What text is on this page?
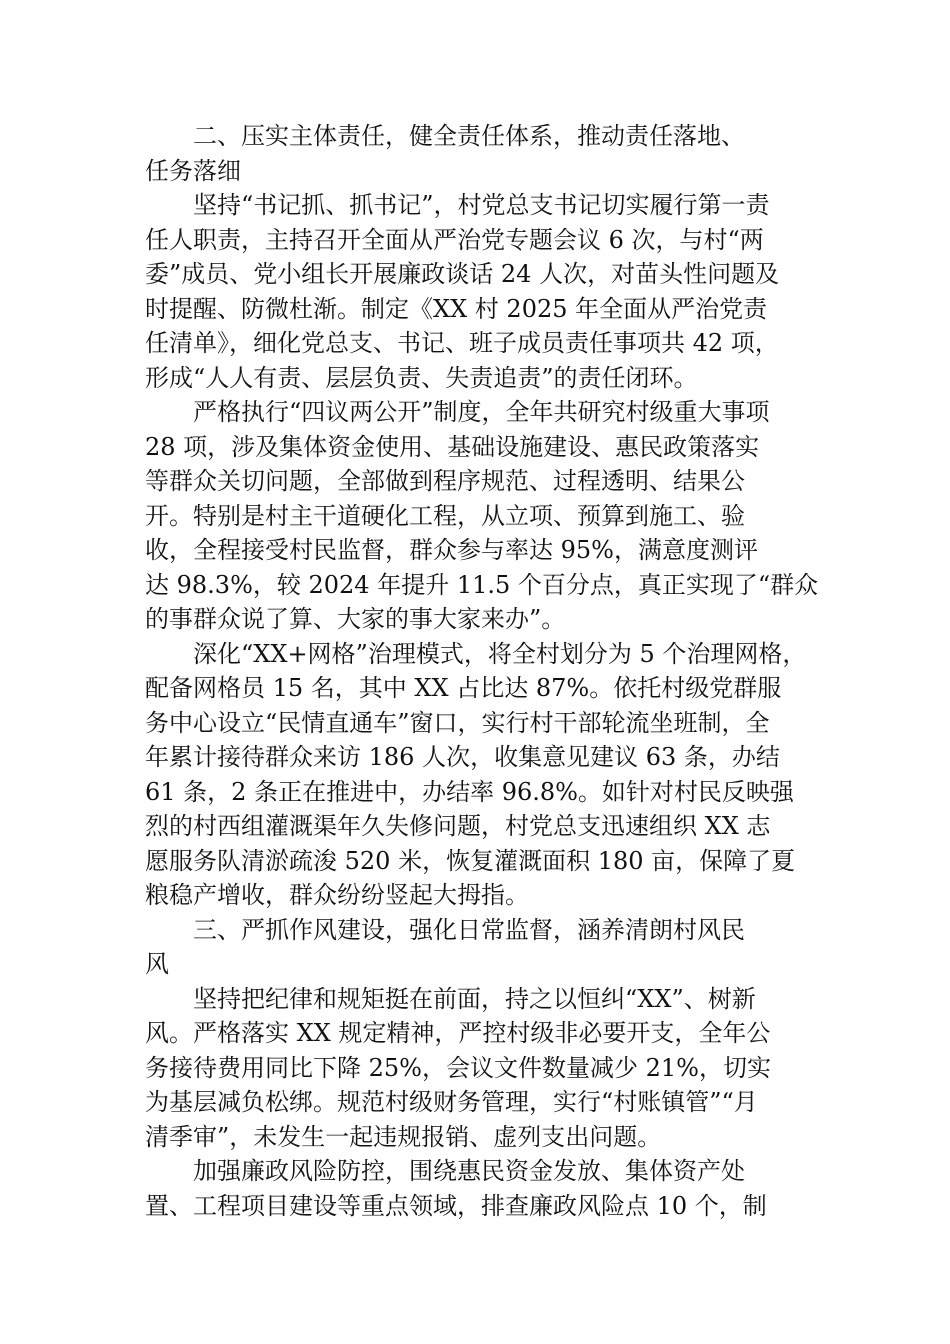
　　二、压实主体责任，健全责任体系，推动责任落地、
任务落细
　　坚持“书记抓、抓书记”，村党总支书记切实履行第一责
任人职责，主持召开全面从严治党专题会议 6 次，与村“两
委”成员、党小组长开展廉政谈话 24 人次，对苗头性问题及
时提醒、防微杜渐。制定《XX 村 2025 年全面从严治党责
任清单》，细化党总支、书记、班子成员责任事项共 42 项，
形成“人人有责、层层负责、失责追责”的责任闭环。
　　严格执行“四议两公开”制度，全年共研究村级重大事项
28 项，涉及集体资金使用、基础设施建设、惠民政策落实
等群众关切问题，全部做到程序规范、过程透明、结果公
开。特别是村主干道硬化工程，从立项、预算到施工、验
收，全程接受村民监督，群众参与率达 95%，满意度测评
达 98.3%，较 2024 年提升 11.5 个百分点，真正实现了“群众
的事群众说了算、大家的事大家来办”。
　　深化“XX+网格”治理模式，将全村划分为 5 个治理网格，
配备网格员 15 名，其中 XX 占比达 87%。依托村级党群服
务中心设立“民情直通车”窗口，实行村干部轮流坐班制，全
年累计接待群众来访 186 人次，收集意见建议 63 条，办结
61 条，2 条正在推进中，办结率 96.8%。如针对村民反映强
烈的村西组灌溉渠年久失修问题，村党总支迅速组织 XX 志
愿服务队清淤疏浚 520 米，恢复灌溉面积 180 亩，保障了夏
粮稳产增收，群众纷纷竖起大拇指。
　　三、严抓作风建设，强化日常监督，涵养清朗村风民
风
　　坚持把纪律和规矩挺在前面，持之以恒纠“XX”、树新
风。严格落实 XX 规定精神，严控村级非必要开支，全年公
务接待费用同比下降 25%，会议文件数量减少 21%，切实
为基层减负松绑。规范村级财务管理，实行“村账镇管”“月
清季审”，未发生一起违规报销、虚列支出问题。
　　加强廉政风险防控，围绕惠民资金发放、集体资产处
置、工程项目建设等重点领域，排查廉政风险点 10 个，制
